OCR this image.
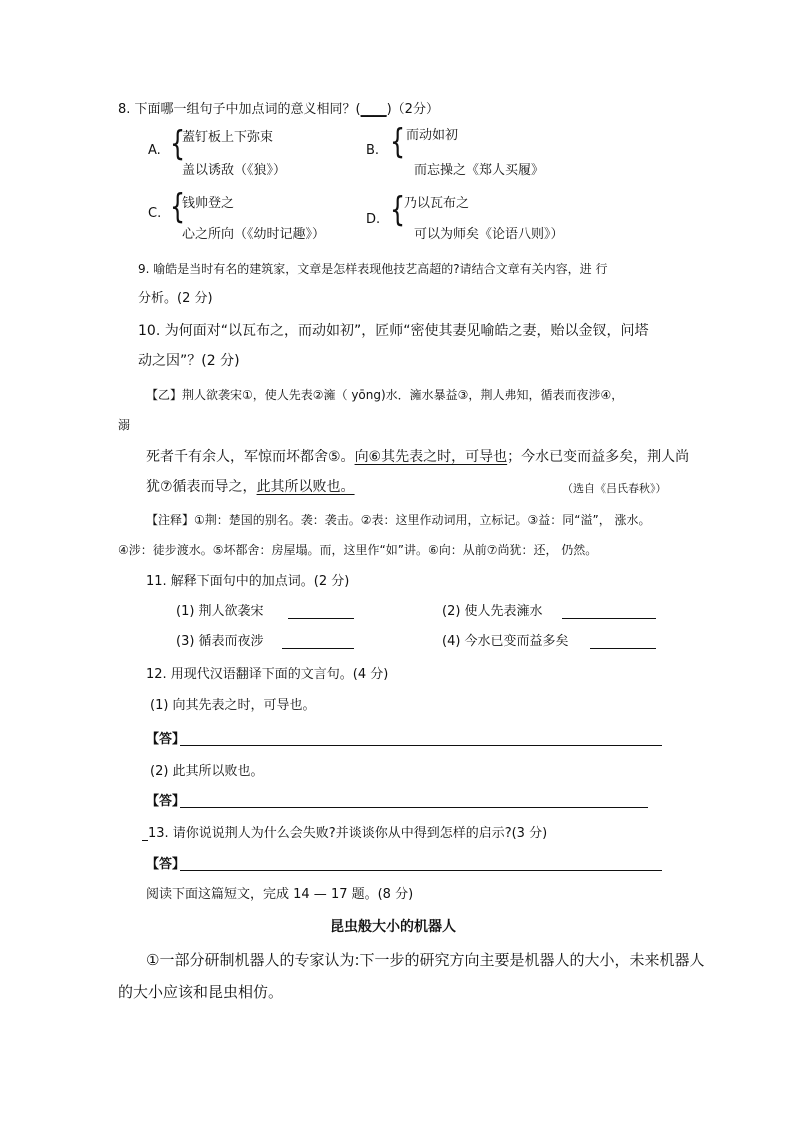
8. 下面哪一组句子中加点词的意义相同？(____)（2分）
A. {
蓋钉板上下弥束
盖以诱敌（《狼》）
B. { 而动如初
而忘操之《郑人买履》
C. {
钱帅登之
心之所向（《幼时记趣》）
D. {
乃以瓦布之
可以为师矣《论语八则》）
9. 喻皓是当时有名的建筑家，文章是怎样表现他技艺高超的?请结合文章有关内容，进 行
分析。(2 分)
10. 为何面对“以瓦布之，而动如初”，匠师“密使其妻见喻皓之妻，贻以金钗，问塔
动之因”？(2 分)
【乙】荆人欲袭宋①，使人先表②澭（ yōng)水．澭水暴益③，荆人弗知，循表而夜涉④，
溺
死者千有余人，军惊而坏都舍⑤。向⑥其先表之时，可导也；今水已变而益多矣，荆人尚
犹⑦循表而导之，此其所以败也。	（选自《吕氏春秋》）
【注释】①荆：楚国的别名。袭：袭击。②表：这里作动词用，立标记。③益：同“溢”， 涨水。
④涉：徒步渡水。⑤坏都舍：房屋塌。而，这里作“如”讲。⑥向：从前⑦尚犹：还， 仍然。
11. 解释下面句中的加点词。(2 分)
(1) 荆人欲袭宋	(2) 使人先表澭水
(3) 循表而夜涉	(4) 今水已变而益多矣
12. 用现代汉语翻译下面的文言句。(4 分)
(1) 向其先表之时，可导也。
【答】
(2) 此其所以败也。
【答】
13. 请你说说荆人为什么会失败?并谈谈你从中得到怎样的启示?(3 分)
【答】
阅读下面这篇短文，完成 14 — 17 题。(8 分)
昆虫般大小的机器人
①一部分研制机器人的专家认为:下一步的研究方向主要是机器人的大小，未来机器人
的大小应该和昆虫相仿。
